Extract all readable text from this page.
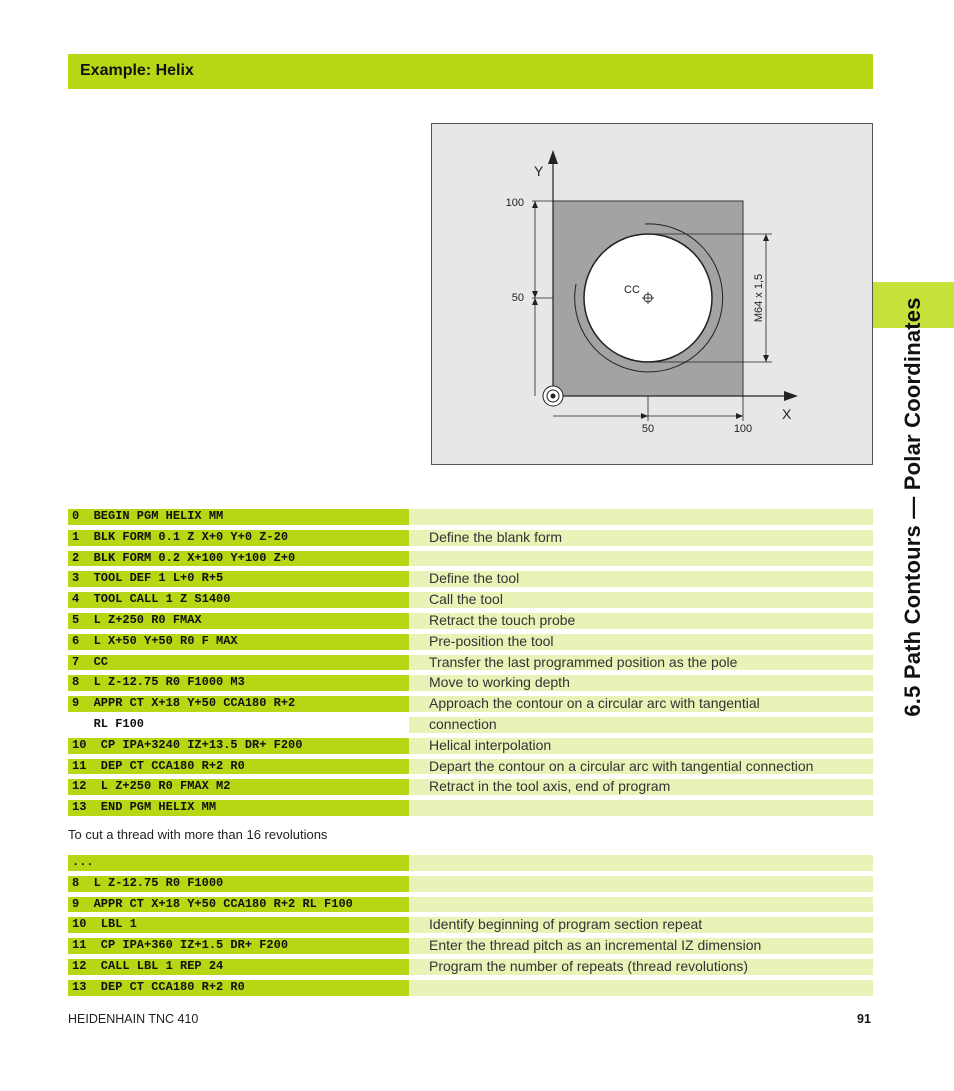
Example: Helix
6.5 Path Contours — Polar Coordinates
Y
X
100
50
50	100
CC	M64 x 1,5
0  BEGIN PGM HELIX MM
1  BLK FORM 0.1 Z X+0 Y+0 Z-20	Define the blank form
2  BLK FORM 0.2 X+100 Y+100 Z+0
3  TOOL DEF 1 L+0 R+5	Define the tool
4  TOOL CALL 1 Z S1400	Call the tool
5  L Z+250 R0 FMAX	Retract the touch probe
6  L X+50 Y+50 R0 F MAX	Pre-position the tool
7  CC	Transfer the last programmed position as the pole
8  L Z-12.75 R0 F1000 M3	Move to working depth
9  APPR CT X+18 Y+50 CCA180 R+2	Approach the contour on a circular arc with tangential
RL F100	connection
10  CP IPA+3240 IZ+13.5 DR+ F200	Helical interpolation
11  DEP CT CCA180 R+2 R0	Depart the contour on a circular arc with tangential connection
12  L Z+250 R0 FMAX M2	Retract in the tool axis, end of program
13  END PGM HELIX MM
To cut a thread with more than 16 revolutions
...
8  L Z-12.75 R0 F1000
9  APPR CT X+18 Y+50 CCA180 R+2 RL F100
10  LBL 1	Identify beginning of program section repeat
11  CP IPA+360 IZ+1.5 DR+ F200	Enter the thread pitch as an incremental IZ dimension
12  CALL LBL 1 REP 24	Program the number of repeats (thread revolutions)
13  DEP CT CCA180 R+2 R0
HEIDENHAIN TNC 410	91
